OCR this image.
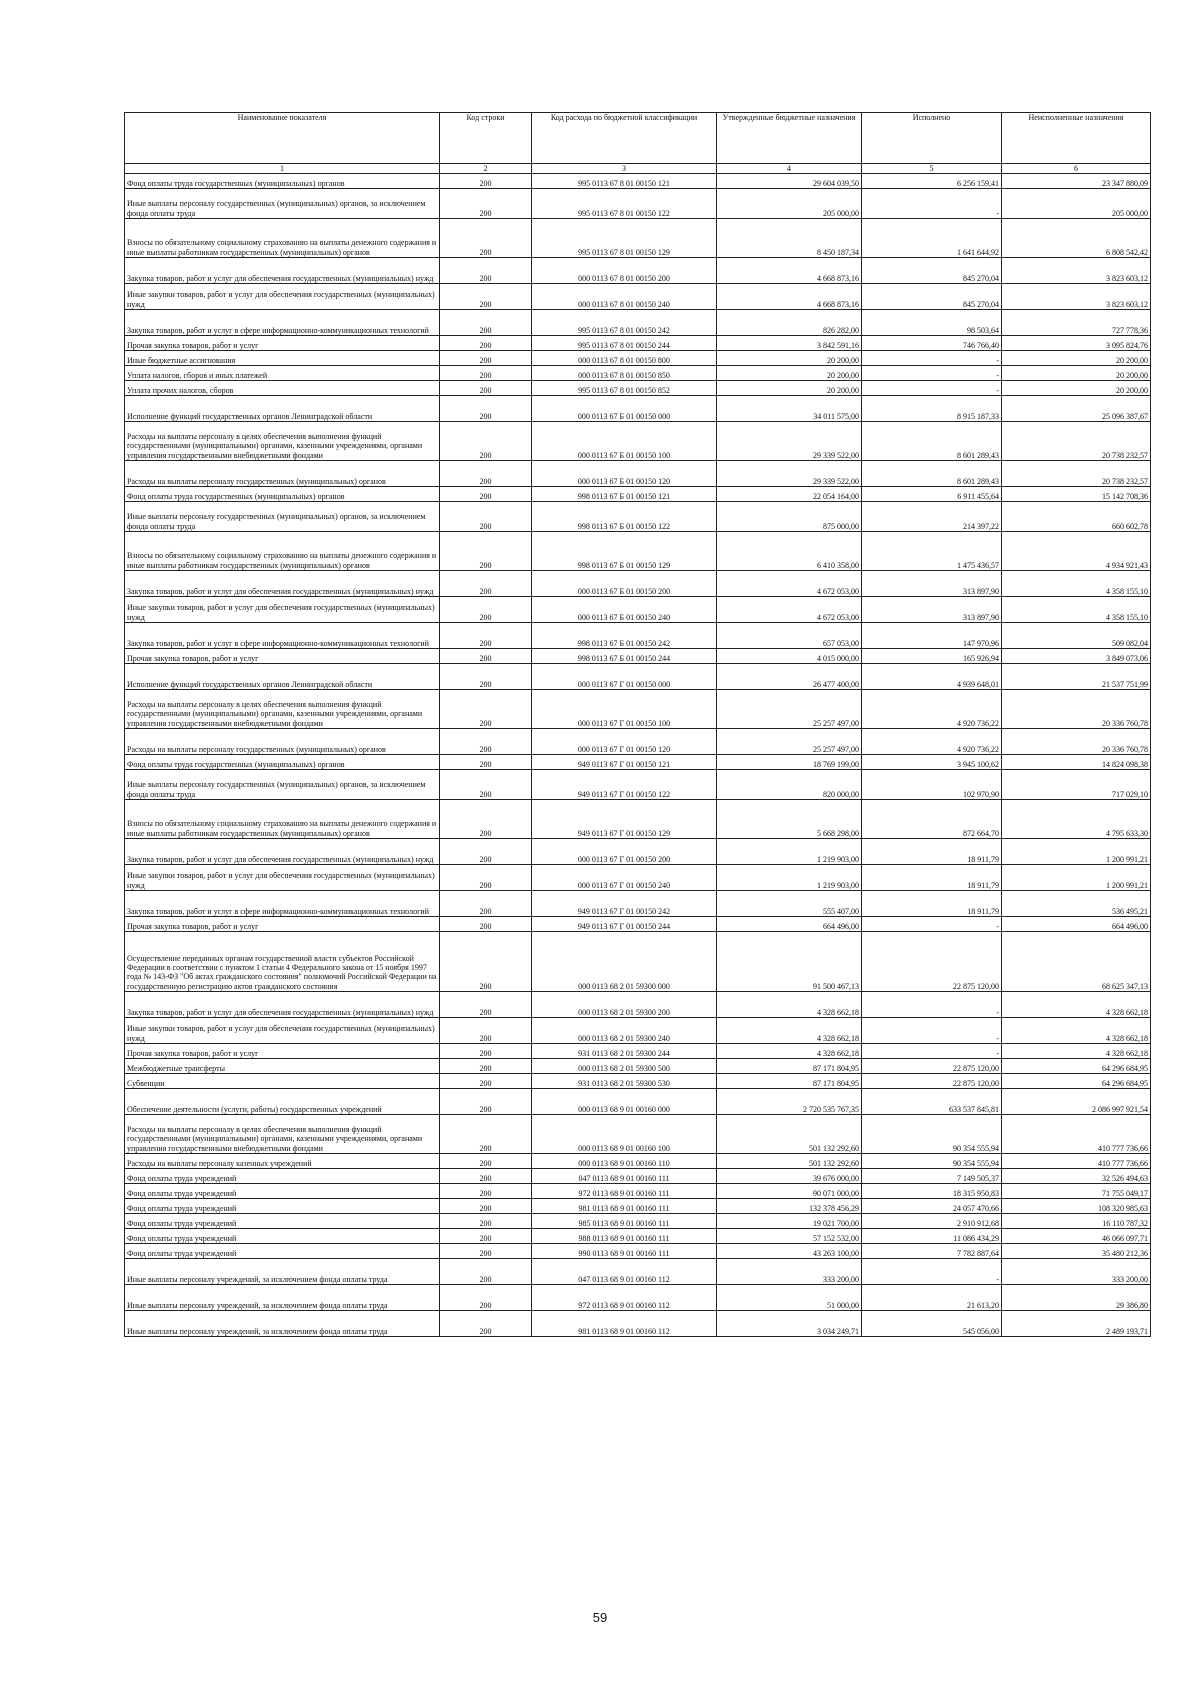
Наименование показателя	Код строки	Код расхода по бюджетной классификации	Утвержденные бюджетные назначения	Исполнено	Неисполненные назначения
1	2	3	4	5	6
Фонд оплаты труда государственных (муниципальных) органов	200	995 0113 67 8 01 00150 121	29 604 039,50	6 256 159,41	23 347 880,09
Иные выплаты персоналу государственных (муниципальных) органов, за исключением фонда оплаты труда	200	995 0113 67 8 01 00150 122	205 000,00	-	205 000,00
Взносы по обязательному социальному страхованию на выплаты денежного содержания и иные выплаты работникам государственных (муниципальных) органов	200	995 0113 67 8 01 00150 129	8 450 187,34	1 641 644,92	6 808 542,42
Закупка товаров, работ и услуг для обеспечения государственных (муниципальных) нужд	200	000 0113 67 8 01 00150 200	4 668 873,16	845 270,04	3 823 603,12
Иные закупки товаров, работ и услуг для обеспечения государственных (муниципальных) нужд	200	000 0113 67 8 01 00150 240	4 668 873,16	845 270,04	3 823 603,12
Закупка товаров, работ и услуг в сфере информационно-коммуникационных технологий	200	995 0113 67 8 01 00150 242	826 282,00	98 503,64	727 778,36
Прочая закупка товаров, работ и услуг	200	995 0113 67 8 01 00150 244	3 842 591,16	746 766,40	3 095 824,76
Иные бюджетные ассигнования	200	000 0113 67 8 01 00150 800	20 200,00	-	20 200,00
Уплата налогов, сборов и иных платежей	200	000 0113 67 8 01 00150 850	20 200,00	-	20 200,00
Уплата прочих налогов, сборов	200	995 0113 67 8 01 00150 852	20 200,00	-	20 200,00
Исполнение функций государственных органов Ленинградской области	200	000 0113 67 Б 01 00150 000	34 011 575,00	8 915 187,33	25 096 387,67
Расходы на выплаты персоналу в целях обеспечения выполнения функций государственными (муниципальными) органами, казенными учреждениями, органами управления государственными внебюджетными фондами	200	000 0113 67 Б 01 00150 100	29 339 522,00	8 601 289,43	20 738 232,57
Расходы на выплаты персоналу государственных (муниципальных) органов	200	000 0113 67 Б 01 00150 120	29 339 522,00	8 601 289,43	20 738 232,57
Фонд оплаты труда государственных (муниципальных) органов	200	998 0113 67 Б 01 00150 121	22 054 164,00	6 911 455,64	15 142 708,36
Иные выплаты персоналу государственных (муниципальных) органов, за исключением фонда оплаты труда	200	998 0113 67 Б 01 00150 122	875 000,00	214 397,22	660 602,78
Взносы по обязательному социальному страхованию на выплаты денежного содержания и иные выплаты работникам государственных (муниципальных) органов	200	998 0113 67 Б 01 00150 129	6 410 358,00	1 475 436,57	4 934 921,43
Закупка товаров, работ и услуг для обеспечения государственных (муниципальных) нужд	200	000 0113 67 Б 01 00150 200	4 672 053,00	313 897,90	4 358 155,10
Иные закупки товаров, работ и услуг для обеспечения государственных (муниципальных) нужд	200	000 0113 67 Б 01 00150 240	4 672 053,00	313 897,90	4 358 155,10
Закупка товаров, работ и услуг в сфере информационно-коммуникационных технологий	200	998 0113 67 Б 01 00150 242	657 053,00	147 970,96	509 082,04
Прочая закупка товаров, работ и услуг	200	998 0113 67 Б 01 00150 244	4 015 000,00	165 926,94	3 849 073,06
Исполнение функций государственных органов Ленинградской области	200	000 0113 67 Г 01 00150 000	26 477 400,00	4 939 648,01	21 537 751,99
Расходы на выплаты персоналу в целях обеспечения выполнения функций государственными (муниципальными) органами, казенными учреждениями, органами управления государственными внебюджетными фондами	200	000 0113 67 Г 01 00150 100	25 257 497,00	4 920 736,22	20 336 760,78
Расходы на выплаты персоналу государственных (муниципальных) органов	200	000 0113 67 Г 01 00150 120	25 257 497,00	4 920 736,22	20 336 760,78
Фонд оплаты труда государственных (муниципальных) органов	200	949 0113 67 Г 01 00150 121	18 769 199,00	3 945 100,62	14 824 098,38
Иные выплаты персоналу государственных (муниципальных) органов, за исключением фонда оплаты труда	200	949 0113 67 Г 01 00150 122	820 000,00	102 970,90	717 029,10
Взносы по обязательному социальному страхованию на выплаты денежного содержания и иные выплаты работникам государственных (муниципальных) органов	200	949 0113 67 Г 01 00150 129	5 668 298,00	872 664,70	4 795 633,30
Закупка товаров, работ и услуг для обеспечения государственных (муниципальных) нужд	200	000 0113 67 Г 01 00150 200	1 219 903,00	18 911,79	1 200 991,21
Иные закупки товаров, работ и услуг для обеспечения государственных (муниципальных) нужд	200	000 0113 67 Г 01 00150 240	1 219 903,00	18 911,79	1 200 991,21
Закупка товаров, работ и услуг в сфере информационно-коммуникационных технологий	200	949 0113 67 Г 01 00150 242	555 407,00	18 911,79	536 495,21
Прочая закупка товаров, работ и услуг	200	949 0113 67 Г 01 00150 244	664 496,00	-	664 496,00
Осуществление переданных органам государственной власти субъектов Российской Федерации в соответствии с пунктом 1 статьи 4 Федерального закона от 15 ноября 1997 года № 143-ФЗ "Об актах гражданского состояния" полномочий Российской Федерации на государственную регистрацию актов гражданского состояния	200	000 0113 68 2 01 59300 000	91 500 467,13	22 875 120,00	68 625 347,13
Закупка товаров, работ и услуг для обеспечения государственных (муниципальных) нужд	200	000 0113 68 2 01 59300 200	4 328 662,18	-	4 328 662,18
Иные закупки товаров, работ и услуг для обеспечения государственных (муниципальных) нужд	200	000 0113 68 2 01 59300 240	4 328 662,18	-	4 328 662,18
Прочая закупка товаров, работ и услуг	200	931 0113 68 2 01 59300 244	4 328 662,18	-	4 328 662,18
Межбюджетные трансферты	200	000 0113 68 2 01 59300 500	87 171 804,95	22 875 120,00	64 296 684,95
Субвенции	200	931 0113 68 2 01 59300 530	87 171 804,95	22 875 120,00	64 296 684,95
Обеспечение деятельности (услуги, работы) государственных учреждений	200	000 0113 68 9 01 00160 000	2 720 535 767,35	633 537 845,81	2 086 997 921,54
Расходы на выплаты персоналу в целях обеспечения выполнения функций государственными (муниципальными) органами, казенными учреждениями, органами управления государственными внебюджетными фондами	200	000 0113 68 9 01 00160 100	501 132 292,60	90 354 555,94	410 777 736,66
Расходы на выплаты персоналу казенных учреждений	200	000 0113 68 9 01 00160 110	501 132 292,60	90 354 555,94	410 777 736,66
Фонд оплаты труда учреждений	200	047 0113 68 9 01 00160 111	39 676 000,00	7 149 505,37	32 526 494,63
Фонд оплаты труда учреждений	200	972 0113 68 9 01 00160 111	90 071 000,00	18 315 950,83	71 755 049,17
Фонд оплаты труда учреждений	200	981 0113 68 9 01 00160 111	132 378 456,29	24 057 470,66	108 320 985,63
Фонд оплаты труда учреждений	200	985 0113 68 9 01 00160 111	19 021 700,00	2 910 912,68	16 110 787,32
Фонд оплаты труда учреждений	200	988 0113 68 9 01 00160 111	57 152 532,00	11 086 434,29	46 066 097,71
Фонд оплаты труда учреждений	200	990 0113 68 9 01 00160 111	43 263 100,00	7 782 887,64	35 480 212,36
Иные выплаты персоналу учреждений, за исключением фонда оплаты труда	200	047 0113 68 9 01 00160 112	333 200,00	-	333 200,00
Иные выплаты персоналу учреждений, за исключением фонда оплаты труда	200	972 0113 68 9 01 00160 112	51 000,00	21 613,20	29 386,80
Иные выплаты персоналу учреждений, за исключением фонда оплаты труда	200	981 0113 68 9 01 00160 112	3 034 249,71	545 056,00	2 489 193,71
59
